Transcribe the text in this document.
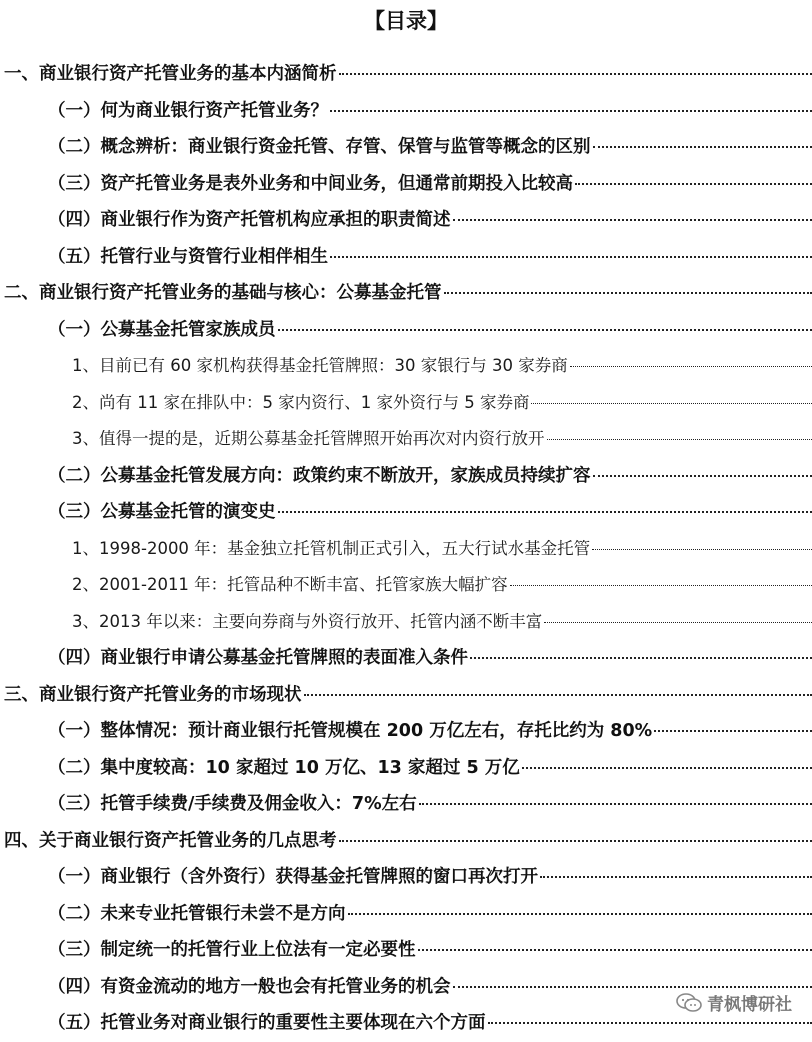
【目录】
一、商业银行资产托管业务的基本内涵简析
（一）何为商业银行资产托管业务？
（二）概念辨析：商业银行资金托管、存管、保管与监管等概念的区别
（三）资产托管业务是表外业务和中间业务，但通常前期投入比较高
（四）商业银行作为资产托管机构应承担的职责简述
（五）托管行业与资管行业相伴相生
二、商业银行资产托管业务的基础与核心：公募基金托管
（一）公募基金托管家族成员
1、目前已有 60 家机构获得基金托管牌照：30 家银行与 30 家券商
2、尚有 11 家在排队中：5 家内资行、1 家外资行与 5 家券商
3、值得一提的是，近期公募基金托管牌照开始再次对内资行放开
（二）公募基金托管发展方向：政策约束不断放开，家族成员持续扩容
（三）公募基金托管的演变史
1、1998-2000 年：基金独立托管机制正式引入，五大行试水基金托管
2、2001-2011 年：托管品种不断丰富、托管家族大幅扩容
3、2013 年以来：主要向券商与外资行放开、托管内涵不断丰富
（四）商业银行申请公募基金托管牌照的表面准入条件
三、商业银行资产托管业务的市场现状
（一）整体情况：预计商业银行托管规模在 200 万亿左右，存托比约为 80%
（二）集中度较高：10 家超过 10 万亿、13 家超过 5 万亿
（三）托管手续费/手续费及佣金收入：7%左右
四、关于商业银行资产托管业务的几点思考
（一）商业银行（含外资行）获得基金托管牌照的窗口再次打开
（二）未来专业托管银行未尝不是方向
（三）制定统一的托管行业上位法有一定必要性
（四）有资金流动的地方一般也会有托管业务的机会
（五）托管业务对商业银行的重要性主要体现在六个方面
青枫博研社
